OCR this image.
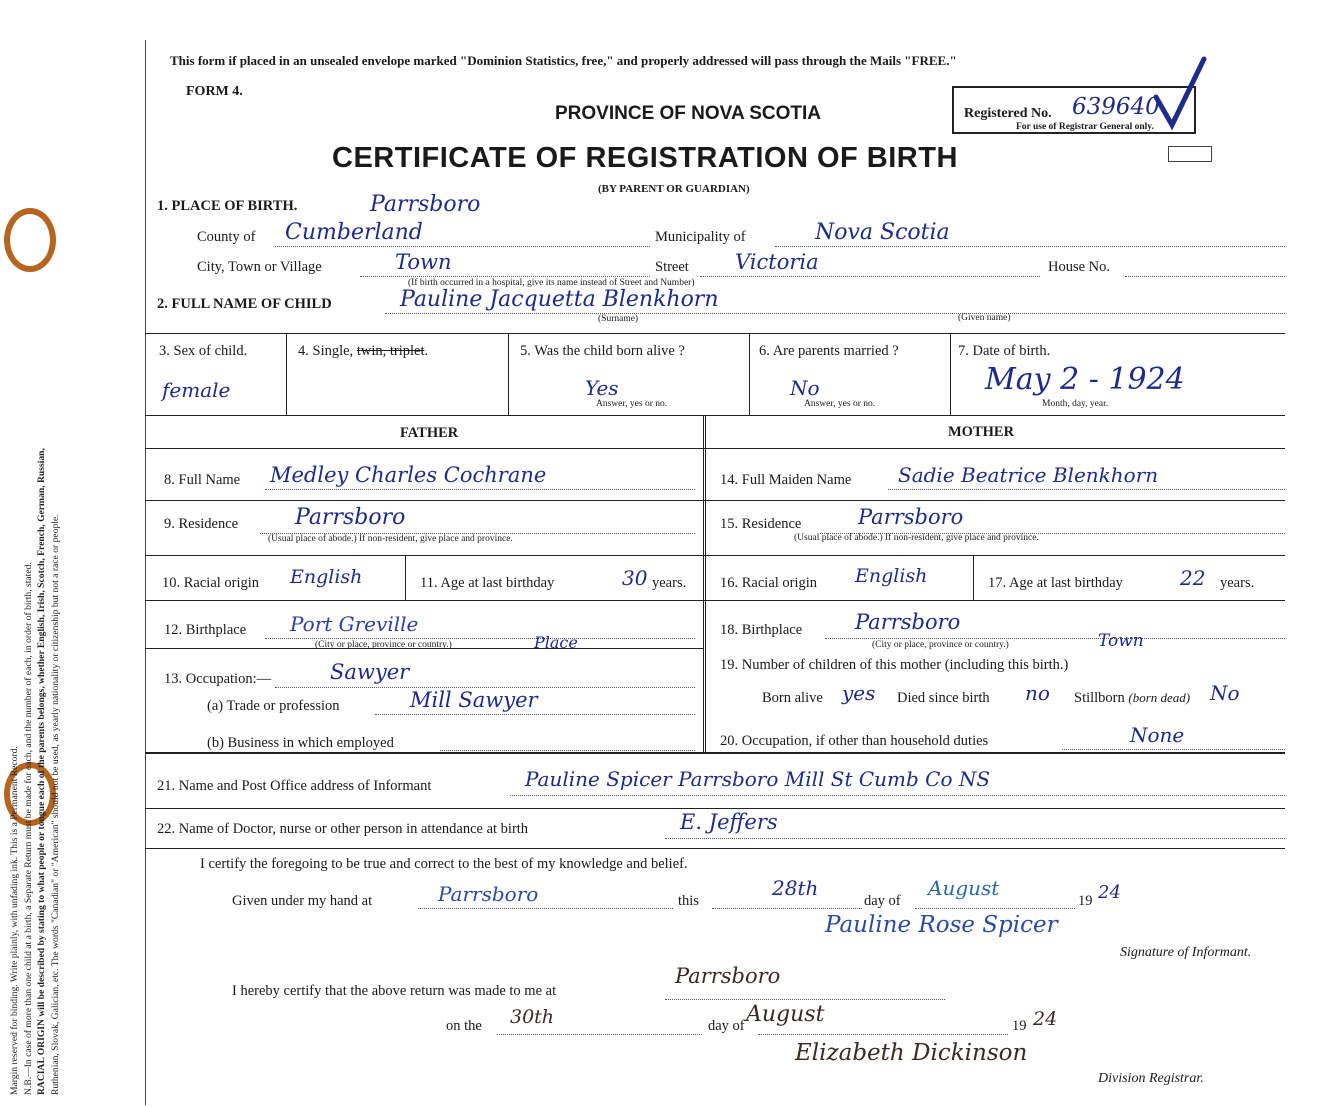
Margin reserved for binding. Write plainly, with unfading ink. This is a Permanent Record. N.B.—In case of more than one child at a birth, a Separate Return must be made for each, and the number of each, in order of birth, stated. RACIAL ORIGIN will be described by stating to what people or tongue each of the parents belongs, whether English, Irish, Scotch, French, German, Russian, Ruthenian, Slovak, Galician, etc. The words "Canadian" or "American" should not be used, as yearly nationality or citizenship but not a race or people.
This form if placed in an unsealed envelope marked "Dominion Statistics, free," and properly addressed will pass through the Mails "FREE."
FORM 4.
PROVINCE OF NOVA SCOTIA
CERTIFICATE OF REGISTRATION OF BIRTH
(BY PARENT OR GUARDIAN)
Registered No. 639640
For use of Registrar General only.
1. PLACE OF BIRTH.	Parrsboro
County of Cumberland	Municipality of	Nova Scotia
City, Town or Village	Town	Street Victoria	House No.
(If birth occurred in a hospital, give its name instead of Street and Number)
2. FULL NAME OF CHILD	Pauline Jacquetta Blenkhorn
(Surname)	(Given name)
3. Sex of child.
female
4. Single, twin, triplet.	5. Was the child born alive ?
Yes
Answer, yes or no.
6. Are parents married ?
No
Answer, yes or no.
7. Date of birth.
May 2 - 1924
Month, day, year.
FATHER	MOTHER
8. Full Name Medley Charles Cochrane
9. Residence	Parrsboro
(Usual place of abode.) If non-resident, give place and province.
10. Racial origin English	11. Age at last birthday	30 years.
12. Birthplace Port Greville
Place
(City or place, province or country.)
13. Occupation:—	Sawyer
(a) Trade or profession	Mill Sawyer
(b) Business in which employed
14. Full Maiden Name Sadie Beatrice Blenkhorn
15. Residence	Parrsboro
(Usual place of abode.) If non-resident, give place and province.
16. Racial origin English	17. Age at last birthday	22 years.
18. Birthplace	Parrsboro
Town
(City or place, province or country.)
19. Number of children of this mother (including this birth.)
Born alive yes Died since birth no Stillborn (born dead) No
20. Occupation, if other than household duties	None
21. Name and Post Office address of Informant	Pauline Spicer Parrsboro Mill St Cumb Co NS
22. Name of Doctor, nurse or other person in attendance at birth	E. Jeffers
I certify the foregoing to be true and correct to the best of my knowledge and belief.
Given under my hand at	Parrsboro	this
28th
day of
August
19 24
Pauline Rose Spicer
Signature of Informant.
I hereby certify that the above return was made to me at
Parrsboro
on the 30th	day of August	19 24
Elizabeth Dickinson
Division Registrar.
